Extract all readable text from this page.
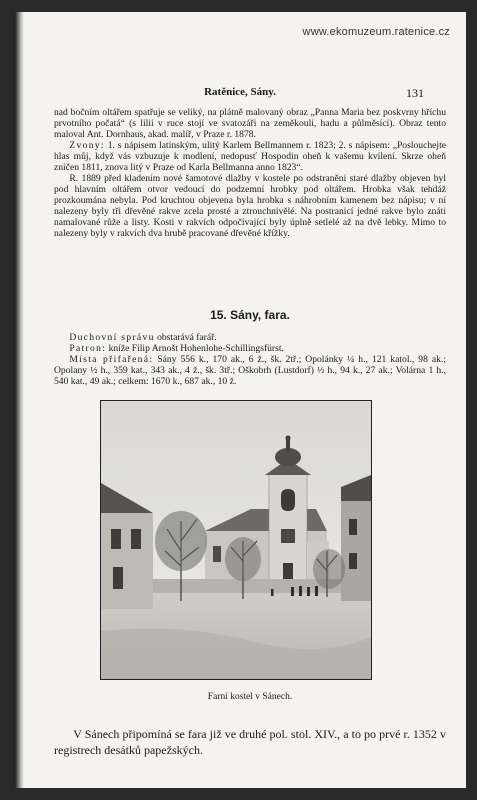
www.ekomuzeum.ratenice.cz
Ratěnice, Sány.	131

nad bočním oltářem spatřuje se veliký, na plátně malovaný obraz „Panna Maria bez poskvrny hříchu prvotního počatá“ (s lilií v ruce stojí ve svatozáři na zeměkouli, hadu a půlměsíci). Obraz tento maloval Ant. Dornhaus, akad. malíř, v Praze r. 1878.

Zvony: 1. s nápisem latinským, ulitý Karlem Bellmannem r. 1823; 2. s nápisem: „Poslouchejte hlas můj, když vás vzbuzuje k modlení, nedopusť Hospodin oheň k vašemu kvílení. Skrze oheň zničen 1811, znova litý v Praze od Karla Bellmanna anno 1823“.

R. 1889 před kladením nové šamotové dlažby v kostele po odstranění staré dlažby objeven byl pod hlavním oltářem otvor vedoucí do podzemní hrobky pod oltářem. Hrobka však tehdáž prozkoumána nebyla. Pod kruchtou objevena byla hrobka s náhrobním kamenem bez nápisu; v ní nalezeny byly tři dřevěné rakve zcela prosté a ztrouchnivělé. Na postranicí jedné rakve bylo znáti namalované růže a listy. Kosti v rakvích odpočívající byly úplně setlelé až na dvě lebky. Mimo to nalezeny byly v rakvích dva hrubě pracované dřevěné křížky.

15. Sány, fara.

Duchovní správu obstarává farář.

Patron: kníže Filip Arnošt Hohenlohe-Schillingsfürst.

Místa přifařená: Sány 556 k., 170 ak., 6 ž., šk. 2tř.; Opolánky ¼ h., 121 katol., 98 ak.; Opolany ½ h., 359 kat., 343 ak., 4 ž., šk. 3tř.; Oškobrh (Lustdorf) ½ h., 94 k., 27 ak.; Volárna 1 h., 540 kat., 49 ak.; celkem: 1670 k., 687 ak., 10 ž.

Farní kostel v Sánech.

V Sánech připomíná se fara již ve druhé pol. stol. XIV., a to po prvé r. 1352 v registrech desátků papežských.
